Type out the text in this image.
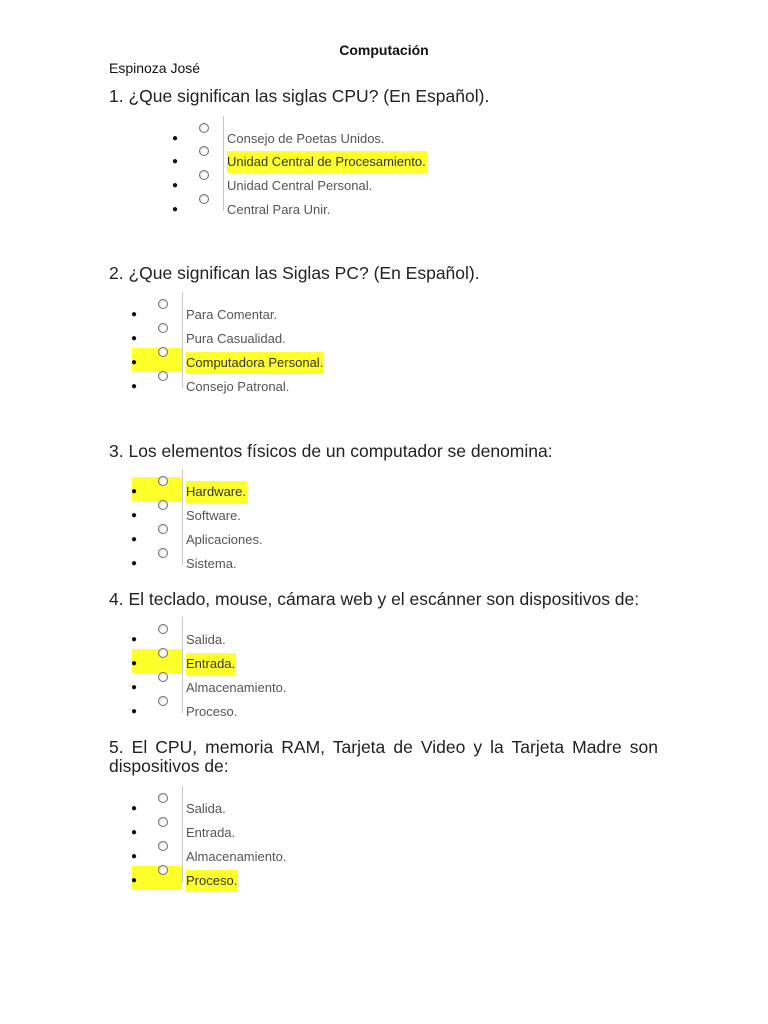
Computación
Espinoza José
1. ¿Que significan las siglas CPU? (En Español).
●	Consejo de Poetas Unidos.
●	Unidad Central de Procesamiento.
●	Unidad Central Personal.
●	Central Para Unir.
2. ¿Que significan las Siglas PC? (En Español).
●	Para Comentar.
●	Pura Casualidad.
●	Computadora Personal.
●	Consejo Patronal.
3. Los elementos físicos de un computador se denomina:
●	Hardware.
●	Software.
●	Aplicaciones.
●	Sistema.
4. El teclado, mouse, cámara web y el escánner son dispositivos de:
●	Salida.
●	Entrada.
●	Almacenamiento.
●	Proceso.
5. El CPU, memoria RAM, Tarjeta de Video y la Tarjeta Madre son dispositivos de:
●	Salida.
●	Entrada.
●	Almacenamiento.
●	Proceso.
